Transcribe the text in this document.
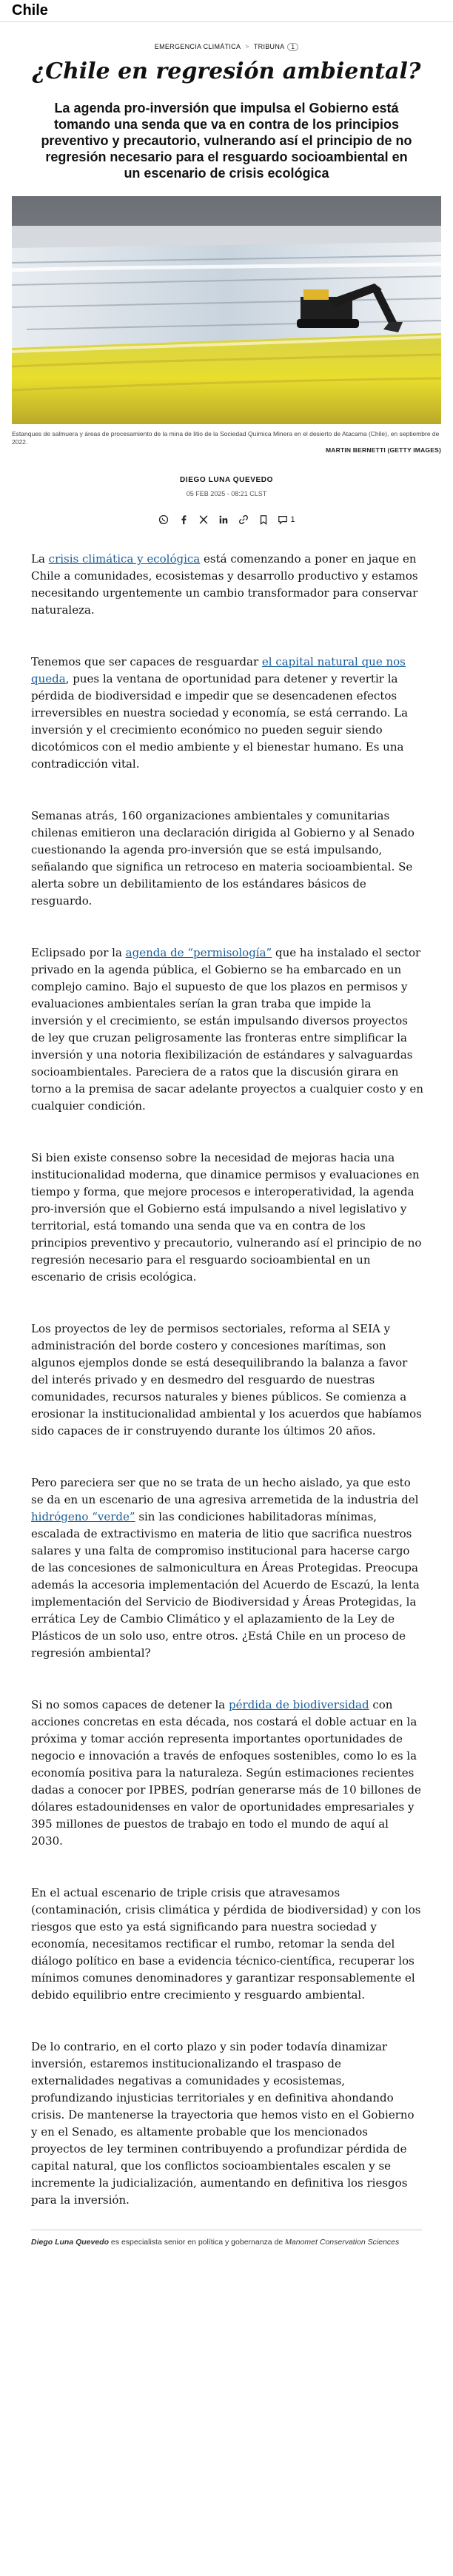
Chile
EMERGENCIA CLIMÁTICA > TRIBUNA 1
¿Chile en regresión ambiental?
La agenda pro-inversión que impulsa el Gobierno está tomando una senda que va en contra de los principios preventivo y precautorio, vulnerando así el principio de no regresión necesario para el resguardo socioambiental en un escenario de crisis ecológica

Estanques de salmuera y áreas de procesamiento de la mina de litio de la Sociedad Química Minera en el desierto de Atacama (Chile), en septiembre de 2022.

MARTIN BERNETTI (GETTY IMAGES)

DIEGO LUNA QUEVEDO
05 FEB 2025 - 08:21 CLST
1

La crisis climática y ecológica está comenzando a poner en jaque en Chile a comunidades, ecosistemas y desarrollo productivo y estamos necesitando urgentemente un cambio transformador para conservar naturaleza.

Tenemos que ser capaces de resguardar el capital natural que nos queda, pues la ventana de oportunidad para detener y revertir la pérdida de biodiversidad e impedir que se desencadenen efectos irreversibles en nuestra sociedad y economía, se está cerrando. La inversión y el crecimiento económico no pueden seguir siendo dicotómicos con el medio ambiente y el bienestar humano. Es una contradicción vital.

Semanas atrás, 160 organizaciones ambientales y comunitarias chilenas emitieron una declaración dirigida al Gobierno y al Senado cuestionando la agenda pro-inversión que se está impulsando, señalando que significa un retroceso en materia socioambiental. Se alerta sobre un debilitamiento de los estándares básicos de resguardo.

Eclipsado por la agenda de “permisología” que ha instalado el sector privado en la agenda pública, el Gobierno se ha embarcado en un complejo camino. Bajo el supuesto de que los plazos en permisos y evaluaciones ambientales serían la gran traba que impide la inversión y el crecimiento, se están impulsando diversos proyectos de ley que cruzan peligrosamente las fronteras entre simplificar la inversión y una notoria flexibilización de estándares y salvaguardas socioambientales. Pareciera de a ratos que la discusión girara en torno a la premisa de sacar adelante proyectos a cualquier costo y en cualquier condición.

Si bien existe consenso sobre la necesidad de mejoras hacia una institucionalidad moderna, que dinamice permisos y evaluaciones en tiempo y forma, que mejore procesos e interoperatividad, la agenda pro-inversión que el Gobierno está impulsando a nivel legislativo y territorial, está tomando una senda que va en contra de los principios preventivo y precautorio, vulnerando así el principio de no regresión necesario para el resguardo socioambiental en un escenario de crisis ecológica.

Los proyectos de ley de permisos sectoriales, reforma al SEIA y administración del borde costero y concesiones marítimas, son algunos ejemplos donde se está desequilibrando la balanza a favor del interés privado y en desmedro del resguardo de nuestras comunidades, recursos naturales y bienes públicos. Se comienza a erosionar la institucionalidad ambiental y los acuerdos que habíamos sido capaces de ir construyendo durante los últimos 20 años.

Pero pareciera ser que no se trata de un hecho aislado, ya que esto se da en un escenario de una agresiva arremetida de la industria del hidrógeno “verde” sin las condiciones habilitadoras mínimas, escalada de extractivismo en materia de litio que sacrifica nuestros salares y una falta de compromiso institucional para hacerse cargo de las concesiones de salmonicultura en Áreas Protegidas. Preocupa además la accesoria implementación del Acuerdo de Escazú, la lenta implementación del Servicio de Biodiversidad y Áreas Protegidas, la errática Ley de Cambio Climático y el aplazamiento de la Ley de Plásticos de un solo uso, entre otros. ¿Está Chile en un proceso de regresión ambiental?

Si no somos capaces de detener la pérdida de biodiversidad con acciones concretas en esta década, nos costará el doble actuar en la próxima y tomar acción representa importantes oportunidades de negocio e innovación a través de enfoques sostenibles, como lo es la economía positiva para la naturaleza. Según estimaciones recientes dadas a conocer por IPBES, podrían generarse más de 10 billones de dólares estadounidenses en valor de oportunidades empresariales y 395 millones de puestos de trabajo en todo el mundo de aquí al 2030.

En el actual escenario de triple crisis que atravesamos (contaminación, crisis climática y pérdida de biodiversidad) y con los riesgos que esto ya está significando para nuestra sociedad y economía, necesitamos rectificar el rumbo, retomar la senda del diálogo político en base a evidencia técnico-científica, recuperar los mínimos comunes denominadores y garantizar responsablemente el debido equilibrio entre crecimiento y resguardo ambiental.

De lo contrario, en el corto plazo y sin poder todavía dinamizar inversión, estaremos institucionalizando el traspaso de externalidades negativas a comunidades y ecosistemas, profundizando injusticias territoriales y en definitiva ahondando crisis. De mantenerse la trayectoria que hemos visto en el Gobierno y en el Senado, es altamente probable que los mencionados proyectos de ley terminen contribuyendo a profundizar pérdida de capital natural, que los conflictos socioambientales escalen y se incremente la judicialización, aumentando en definitiva los riesgos para la inversión.

Diego Luna Quevedo es especialista senior en política y gobernanza de Manomet Conservation Sciences
